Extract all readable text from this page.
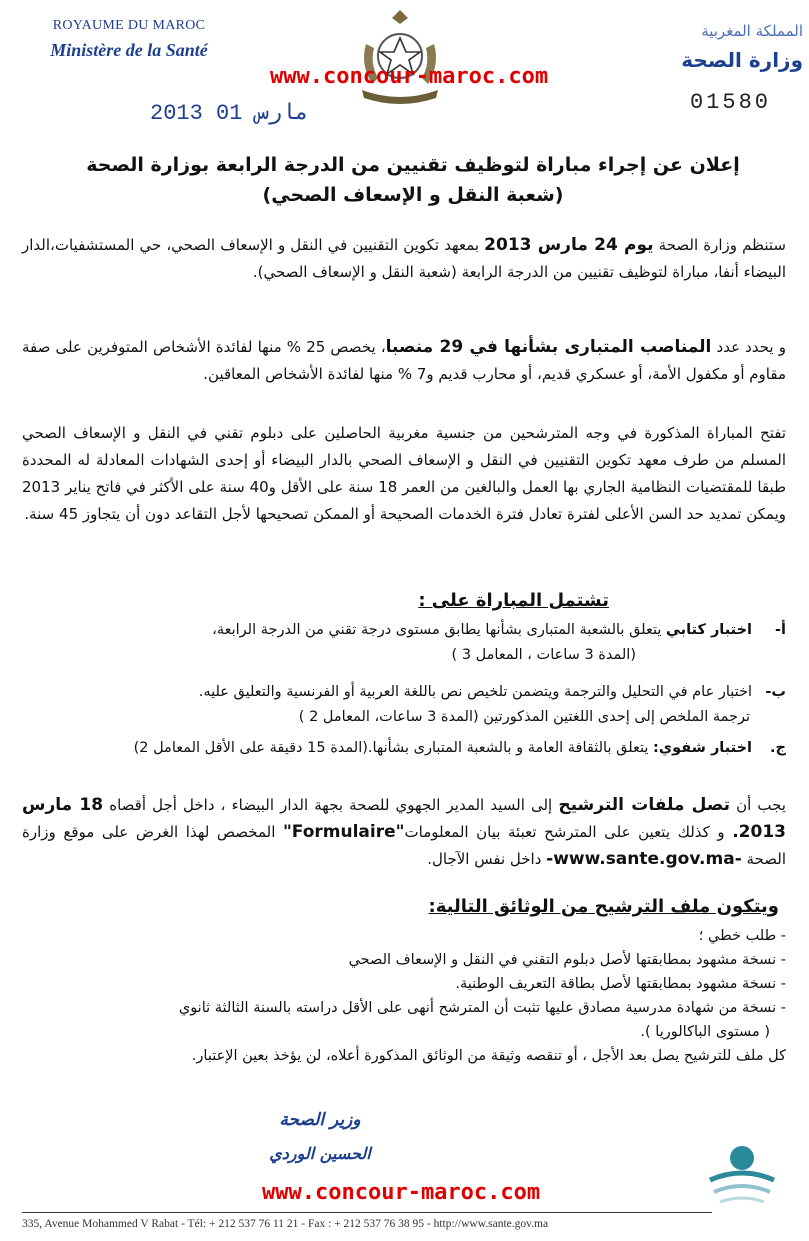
ROYAUME DU MAROC
Ministère de la Santé
المملكة المغربية
وزارة الصحة
www.concour-maroc.com
2013 مارس 01	01580
إعلان عن إجراء مباراة لتوظيف تقنيين من الدرجة الرابعة بوزارة الصحة
(شعبة النقل و الإسعاف الصحي)
ستنظم وزارة الصحة يوم 24 مارس 2013 بمعهد تكوين التقنيين في النقل و الإسعاف الصحي، حي المستشفيات،الدار البيضاء أنفا، مباراة لتوظيف تقنيين من الدرجة الرابعة (شعبة النقل و الإسعاف الصحي).
و يحدد عدد المناصب المتبارى بشأنها في 29 منصبا، يخصص 25 % منها لفائدة الأشخاص المتوفرين على صفة مقاوم أو مكفول الأمة، أو عسكري قديم، أو محارب قديم و7 % منها لفائدة الأشخاص المعاقين.
تفتح المباراة المذكورة في وجه المترشحين من جنسية مغربية الحاصلين على دبلوم تقني في النقل و الإسعاف الصحي المسلم من طرف معهد تكوين التقنيين في النقل و الإسعاف الصحي بالدار البيضاء أو إحدى الشهادات المعادلة له المحددة طبقا للمقتضيات النظامية الجاري بها العمل والبالغين من العمر 18 سنة على الأقل و40 سنة على الأكثر في فاتح يناير 2013 ويمكن تمديد حد السن الأعلى لفترة تعادل فترة الخدمات الصحيحة أو الممكن تصحيحها لأجل التقاعد دون أن يتجاوز 45 سنة.
تشتمل المباراة على :
أ-اختبار كتابي يتعلق بالشعبة المتبارى بشأنها يطابق مستوى درجة تقني من الدرجة الرابعة،
(المدة 3 ساعات ، المعامل 3 )
ب-اختبار عام في التحليل والترجمة ويتضمن تلخيص نص باللغة العربية أو الفرنسية والتعليق عليه.
ترجمة الملخص إلى إحدى اللغتين المذكورتين (المدة 3 ساعات، المعامل 2 )
ج.اختبار شفوي: يتعلق بالثقافة العامة و بالشعبة المتبارى بشأنها.(المدة 15 دقيقة على الأقل المعامل 2)
يجب أن تصل ملفات الترشيح إلى السيد المدير الجهوي للصحة بجهة الدار البيضاء ، داخل أجل أقصاه 18 مارس 2013. و كذلك يتعين على المترشح تعبئة بيان المعلومات"Formulaire" المخصص لهذا الغرض على موقع وزارة الصحة -www.sante.gov.ma- داخل نفس الآجال.
ويتكون ملف الترشيح من الوثائق التالية:
- طلب خطي ؛
- نسخة مشهود بمطابقتها لأصل دبلوم التقني في النقل و الإسعاف الصحي
- نسخة مشهود بمطابقتها لأصل بطاقة التعريف الوطنية.
- نسخة من شهادة مدرسية مصادق عليها تثبت أن المترشح أنهى على الأقل دراسته بالسنة الثالثة ثانوي
( مستوى الباكالوريا ).
كل ملف للترشيح يصل بعد الأجل ، أو تنقصه وثيقة من الوثائق المذكورة أعلاه، لن يؤخذ بعين الإعتبار.
وزير الصحة
الحسين الوردي
www.concour-maroc.com
335, Avenue Mohammed V Rabat - Tél: + 212 537 76 11 21 - Fax : + 212 537 76 38 95 - http://www.sante.gov.ma
